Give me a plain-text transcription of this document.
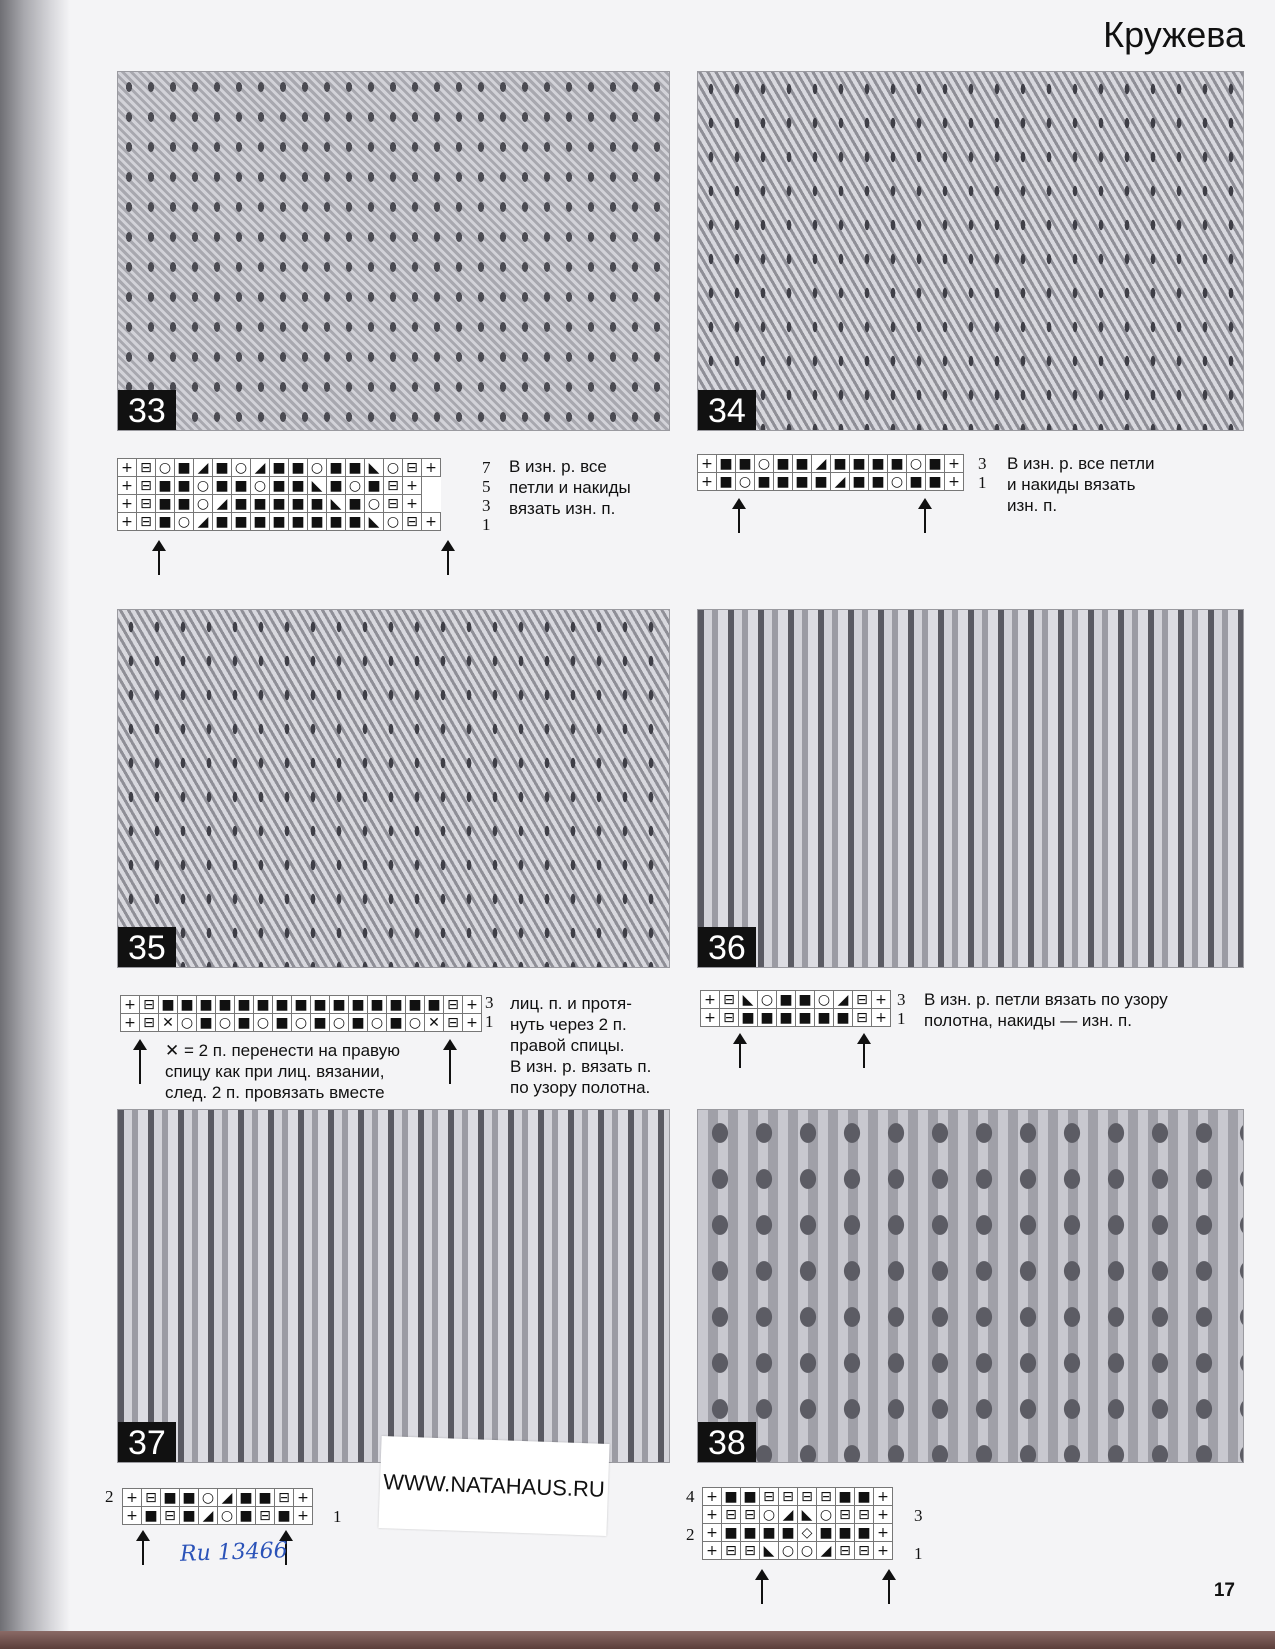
Кружева
33
+	⊟	○	■	◢	■	○	◢	■	■	○	■	■	◣	○	⊟	+
+	⊟	■	■	○	■	■	○	■	■	◣	■	○	■	⊟	+	
+	⊟	■	■	○	◢	■	■	■	■	■	◣	■	○	⊟	+	
+	⊟	■	○	◢	■	■	■	■	■	■	■	■	◣	○	⊟	+
7
5
3
1
В изн. р. все
петли и накиды
вязать изн. п.
34
+	■	■	○	■	■	◢	■	■	■	■	○	■	+
+	■	○	■	■	■	■	◢	■	■	○	■	■	+
3
1
В изн. р. все петли
и накиды вязать
изн. п.
35
+	⊟	■	■	■	■	■	■	■	■	■	■	■	■	■	■	■	⊟	+
+	⊟	✕	○	■	○	■	○	■	○	■	○	■	○	■	○	✕	⊟	+
3
1
✕ = 2 п. перенести на правую
спицу как при лиц. вязании,
след. 2 п. провязать вместе
лиц. п. и протя-
нуть через 2 п.
правой спицы.
В изн. р. вязать п.
по узору полотна.
36
+	⊟	◣	○	■	■	○	◢	⊟	+
+	⊟	■	■	■	■	■	■	⊟	+
3
1
В изн. р. петли вязать по узору
полотна, накиды — изн. п.
37
+	⊟	■	■	○	◢	■	■	⊟	+
+	■	⊟	■	◢	○	■	⊟	■	+
2
1
38
+	■	■	⊟	⊟	⊟	⊟	■	■	+
+	⊟	⊟	○	◢	◣	○	⊟	⊟	+
+	■	■	■	■	◇	■	■	■	+
+	⊟	⊟	◣	○	○	◢	⊟	⊟	+
4

2
3

1
WWW.NATAHAUS.RU
Ru 13466
17
